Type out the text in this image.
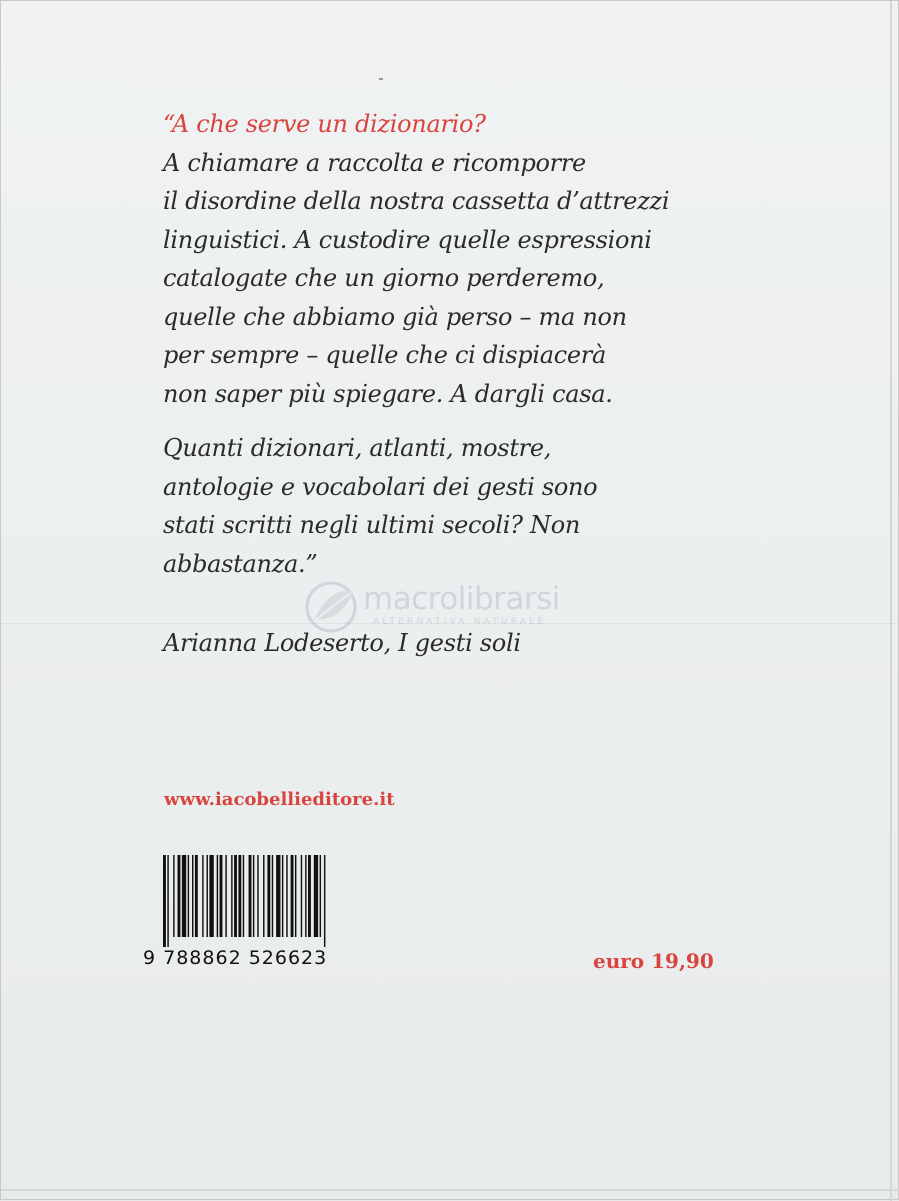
“A che serve un dizionario?
A chiamare a raccolta e ricomporre
il disordine della nostra cassetta d’attrezzi
linguistici. A custodire quelle espressioni
catalogate che un giorno perderemo,
quelle che abbiamo già perso – ma non
per sempre – quelle che ci dispiacerà
non saper più spiegare. A dargli casa.
Quanti dizionari, atlanti, mostre,
antologie e vocabolari dei gesti sono
stati scritti negli ultimi secoli? Non
abbastanza.”
Arianna Lodeserto, I gesti soli
macrolibrarsi
ALTERNATIVA NATURALE
www.iacobellieditore.it
9 788862 526623	euro 19,90
